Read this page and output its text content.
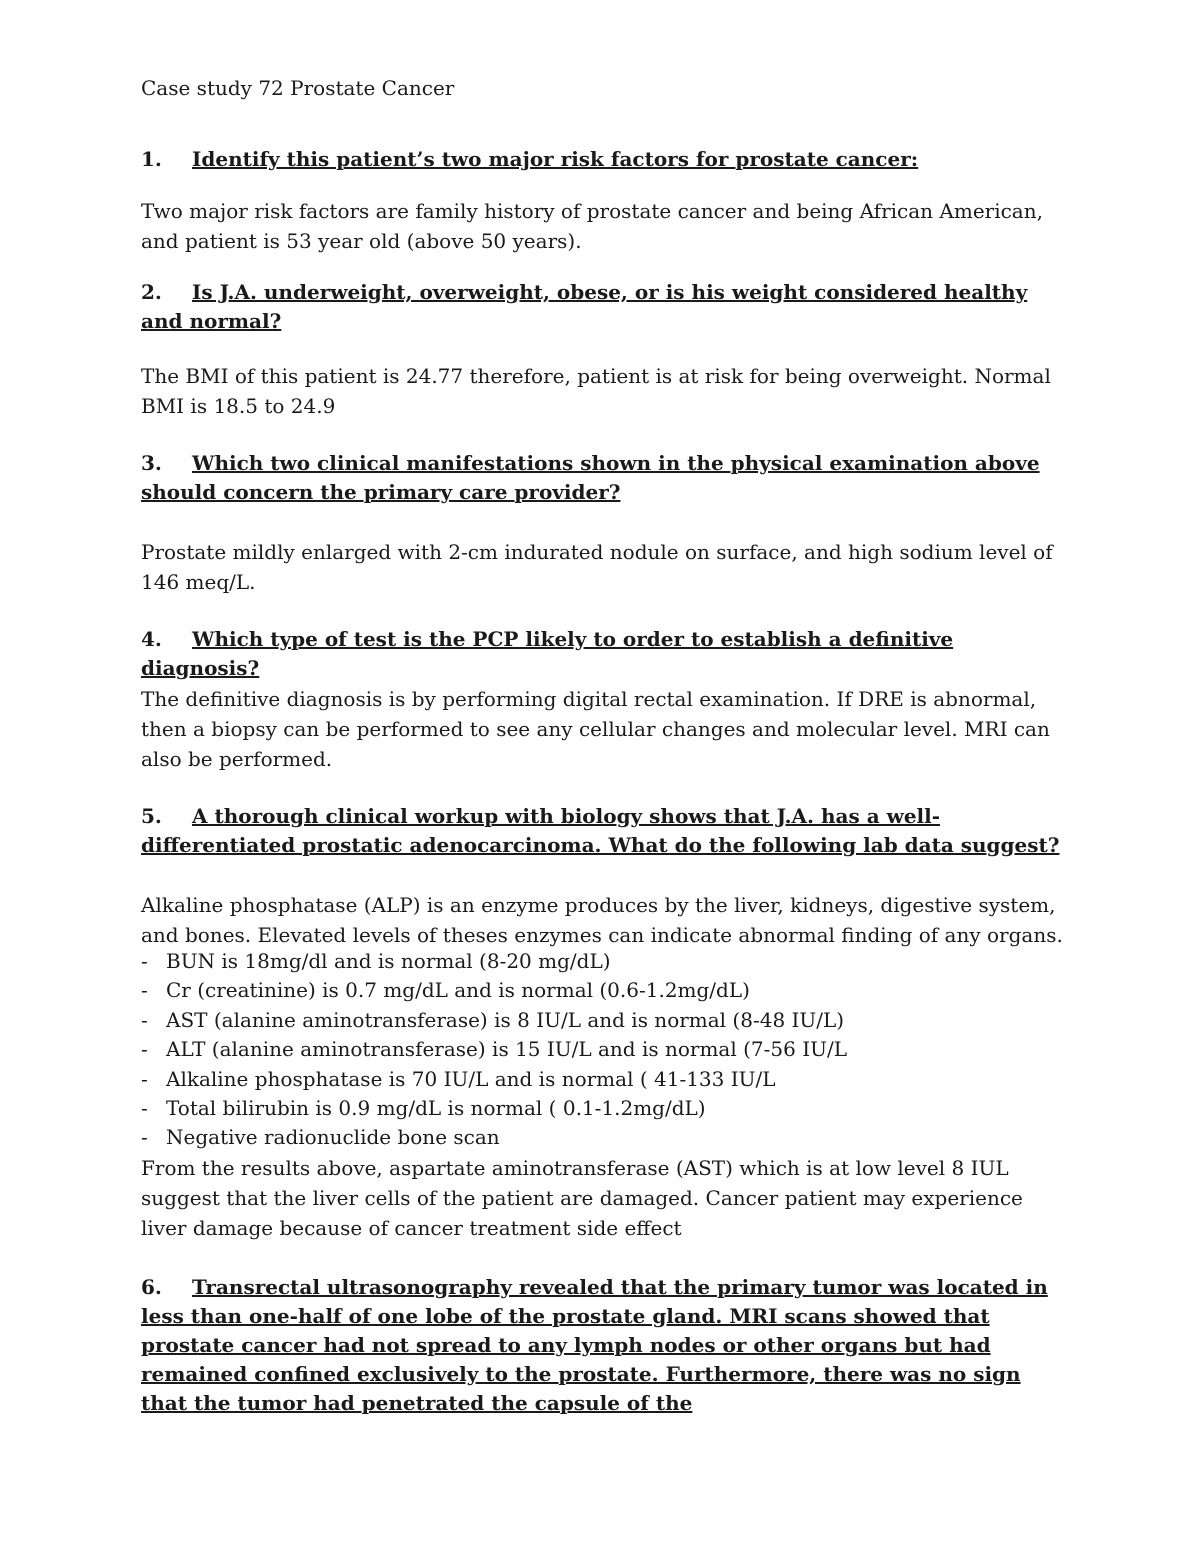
Case study 72 Prostate Cancer

1. Identify this patient’s two major risk factors for prostate cancer:

Two major risk factors are family history of prostate cancer and being African American, and patient is 53 year old (above 50 years).

2. Is J.A. underweight, overweight, obese, or is his weight considered healthy and normal?

The BMI of this patient is 24.77 therefore, patient is at risk for being overweight. Normal BMI is 18.5 to 24.9

3. Which two clinical manifestations shown in the physical examination above should concern the primary care provider?

Prostate mildly enlarged with 2-cm indurated nodule on surface, and high sodium level of 146 meq/L.

4. Which type of test is the PCP likely to order to establish a definitive diagnosis?

The definitive diagnosis is by performing digital rectal examination. If DRE is abnormal, then a biopsy can be performed to see any cellular changes and molecular level. MRI can also be performed.

5. A thorough clinical workup with biology shows that J.A. has a well-differentiated prostatic adenocarcinoma. What do the following lab data suggest?

Alkaline phosphatase (ALP) is an enzyme produces by the liver, kidneys, digestive system, and bones. Elevated levels of theses enzymes can indicate abnormal finding of any organs.

- BUN is 18mg/dl and is normal (8-20 mg/dL)
- Cr (creatinine) is 0.7 mg/dL and is normal (0.6-1.2mg/dL)
- AST (alanine aminotransferase) is 8 IU/L and is normal (8-48 IU/L)
- ALT (alanine aminotransferase) is 15 IU/L and is normal (7-56 IU/L
- Alkaline phosphatase is 70 IU/L and is normal ( 41-133 IU/L
- Total bilirubin is 0.9 mg/dL is normal ( 0.1-1.2mg/dL)
- Negative radionuclide bone scan

From the results above, aspartate aminotransferase (AST) which is at low level 8 IUL suggest that the liver cells of the patient are damaged. Cancer patient may experience liver damage because of cancer treatment side effect

6. Transrectal ultrasonography revealed that the primary tumor was located in less than one-half of one lobe of the prostate gland. MRI scans showed that prostate cancer had not spread to any lymph nodes or other organs but had remained confined exclusively to the prostate. Furthermore, there was no sign that the tumor had penetrated the capsule of the
